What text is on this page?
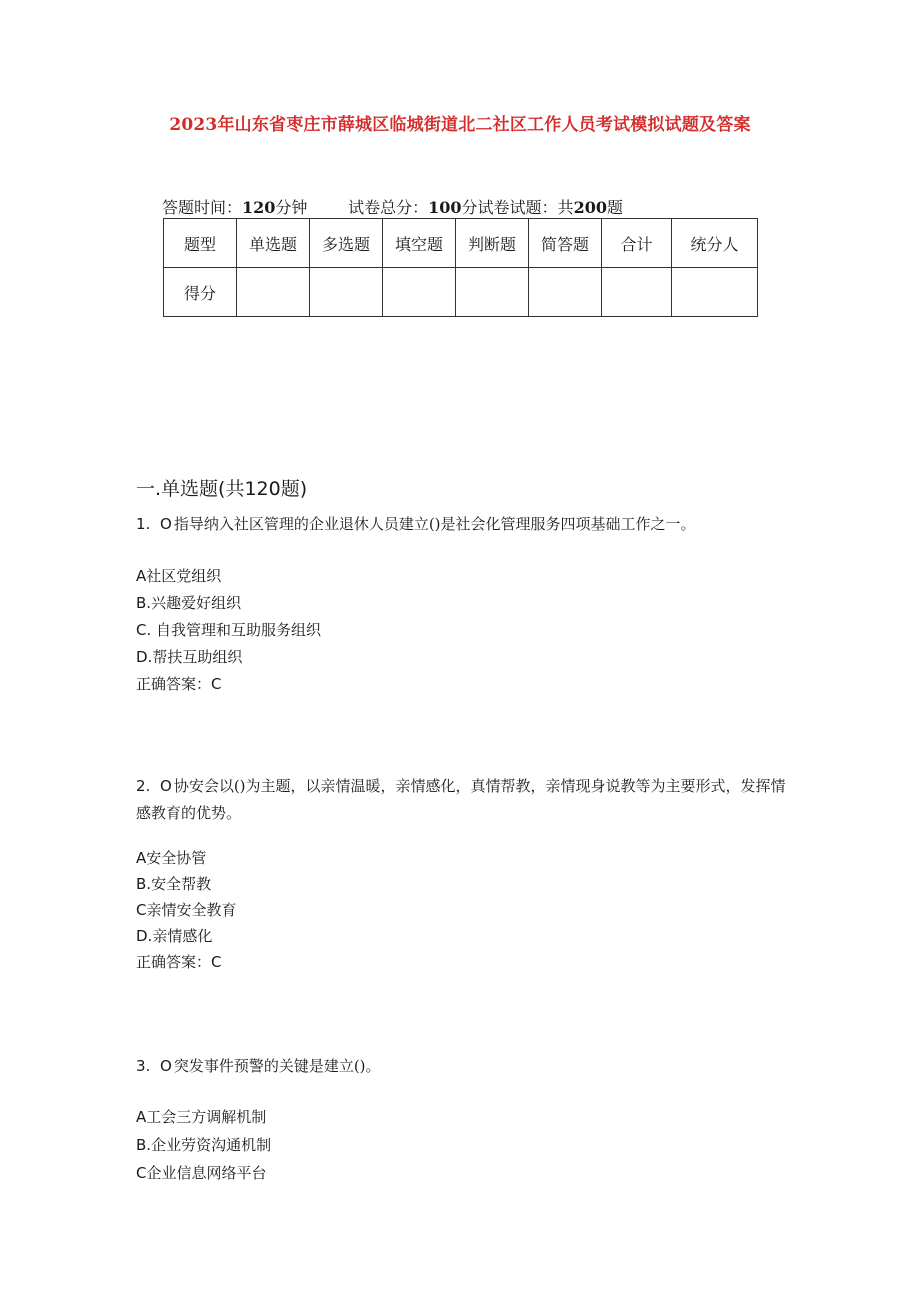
2023年山东省枣庄市薛城区临城街道北二社区工作人员考试模拟试题及答案
答题时间：120分钟	试卷总分：100分试卷试题：共200题
题型	单选题	多选题	填空题	判断题	简答题	合计	统分人
得分							
一.单选题(共120题)
1. O 指导纳入社区管理的企业退休人员建立()是社会化管理服务四项基础工作之一。
A社区党组织
B.兴趣爱好组织
C. 自我管理和互助服务组织
D.帮扶互助组织
正确答案：C
2. O 协安会以()为主题，以亲情温暖，亲情感化，真情帮教，亲情现身说教等为主要形式，发挥情感教育的优势。
A安全协管
B.安全帮教
C亲情安全教育
D.亲情感化
正确答案：C
3. O 突发事件预警的关键是建立()。
A工会三方调解机制
B.企业劳资沟通机制
C企业信息网络平台
